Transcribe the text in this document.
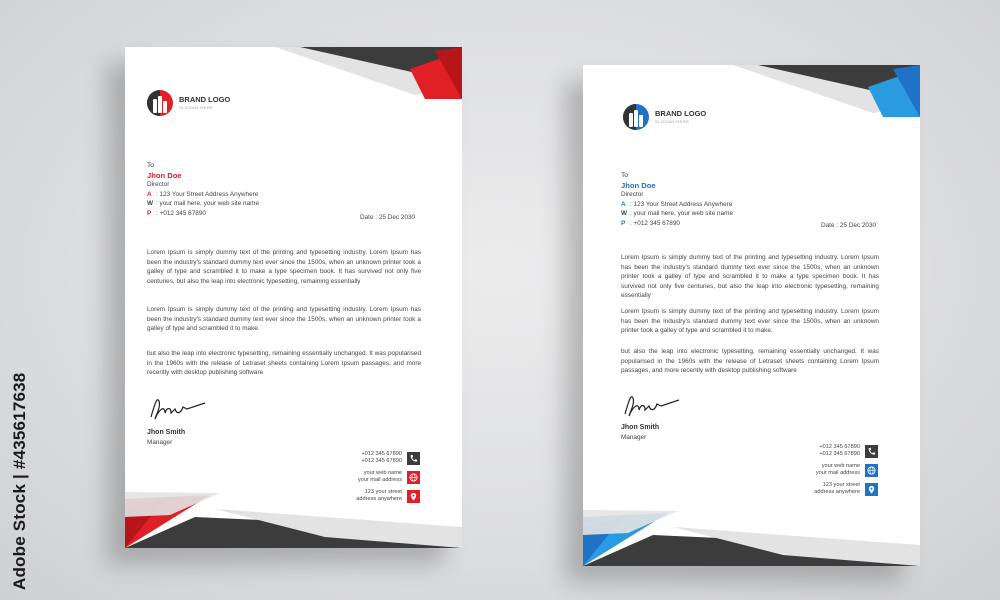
Adobe Stock | #435617638
BRAND LOGO
SLOGAN HERE
To
Jhon Doe
Director
A : 123 Your Street Address Anywhere
W : your mail here, your web site name
P : +012 345 67890
Date : 25 Dec 2030
Lorem Ipsum is simply dummy text of the printing and typesetting industry. Lorem Ipsum has been the industry's standard dummy text ever since the 1500s, when an unknown printer took a galley of type and scrambled it to make a type specimen book. It has survived not only five centuries, but also the leap into electronic typesetting, remaining essentially
Lorem Ipsum is simply dummy text of the printing and typesetting industry. Lorem Ipsum has been the industry's standard dummy text ever since the 1500s, when an unknown printer took a galley of type and scrambled it to make.
but also the leap into electronic typesetting, remaining essentially unchanged. It was popularised in the 1960s with the release of Letraset sheets containing Lorem Ipsum passages, and more recently with desktop publishing software
Jhon Smith
Manager
+012 345 67890
+012 345 67890
your web name
your mail address
123 your street
address anywhere
BRAND LOGO
SLOGAN HERE
To
Jhon Doe
Director
A : 123 Your Street Address Anywhere
W : your mail here, your web site name
P : +012 345 67890	Date : 25 Dec 2030
Lorem Ipsum is simply dummy text of the printing and typesetting industry. Lorem Ipsum has been the industry's standard dummy text ever since the 1500s, when an unknown printer took a galley of type and scrambled it to make a type specimen book. It has survived not only five centuries, but also the leap into electronic typesetting, remaining essentially
Lorem Ipsum is simply dummy text of the printing and typesetting industry. Lorem Ipsum has been the industry's standard dummy text ever since the 1500s, when an unknown printer took a galley of type and scrambled it to make.
but also the leap into electronic typesetting, remaining essentially unchanged. It was popularised in the 1960s with the release of Letraset sheets containing Lorem Ipsum passages, and more recently with desktop publishing software
Jhon Smith
Manager
+012 345 67890
+012 345 67890
your web name
your mail address
123 your street
address anywhere
